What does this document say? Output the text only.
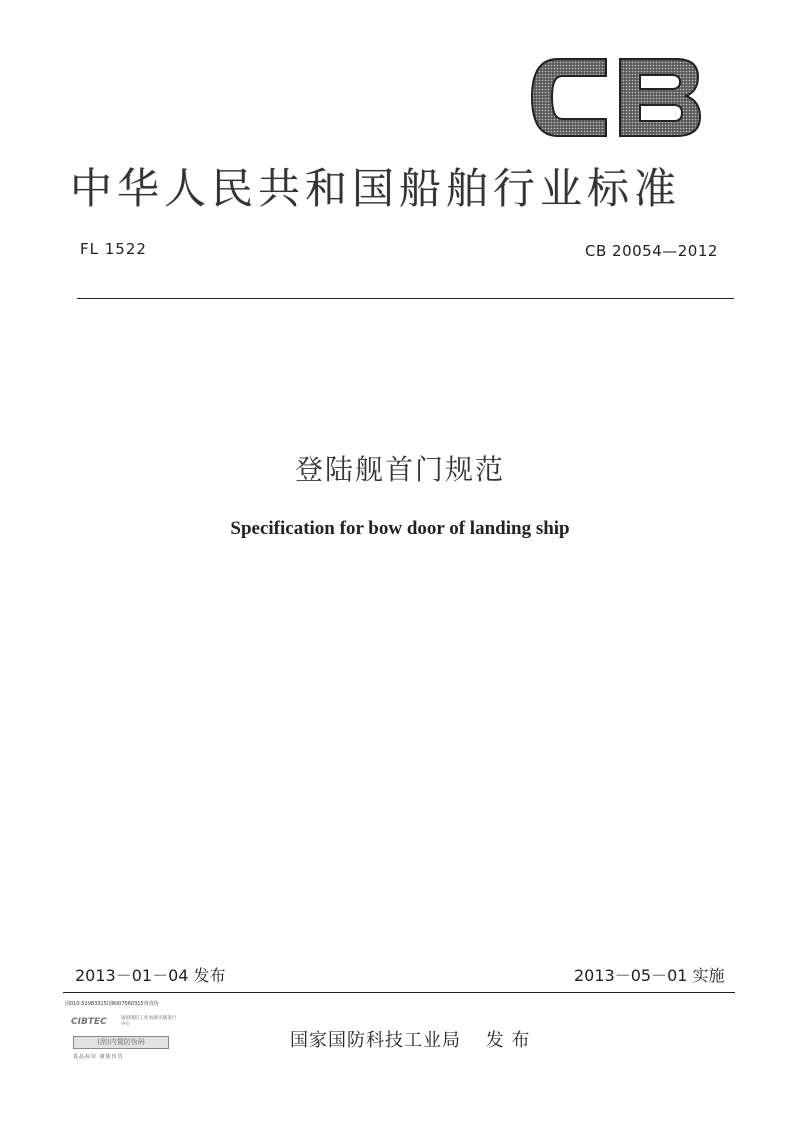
中华人民共和国船舶行业标准
FL 1522	CB 20054—2012
登陆舰首门规范
Specification for bow door of landing ship
2013－01－04 发布	2013－05－01 实施
国家国防科技工业局 发 布
国010-52983315国8007060315查真伪
CIBTEC	国国国防工业 标准出版发行中心
(刮)内置防伪码
真品标识 谨防仿冒
